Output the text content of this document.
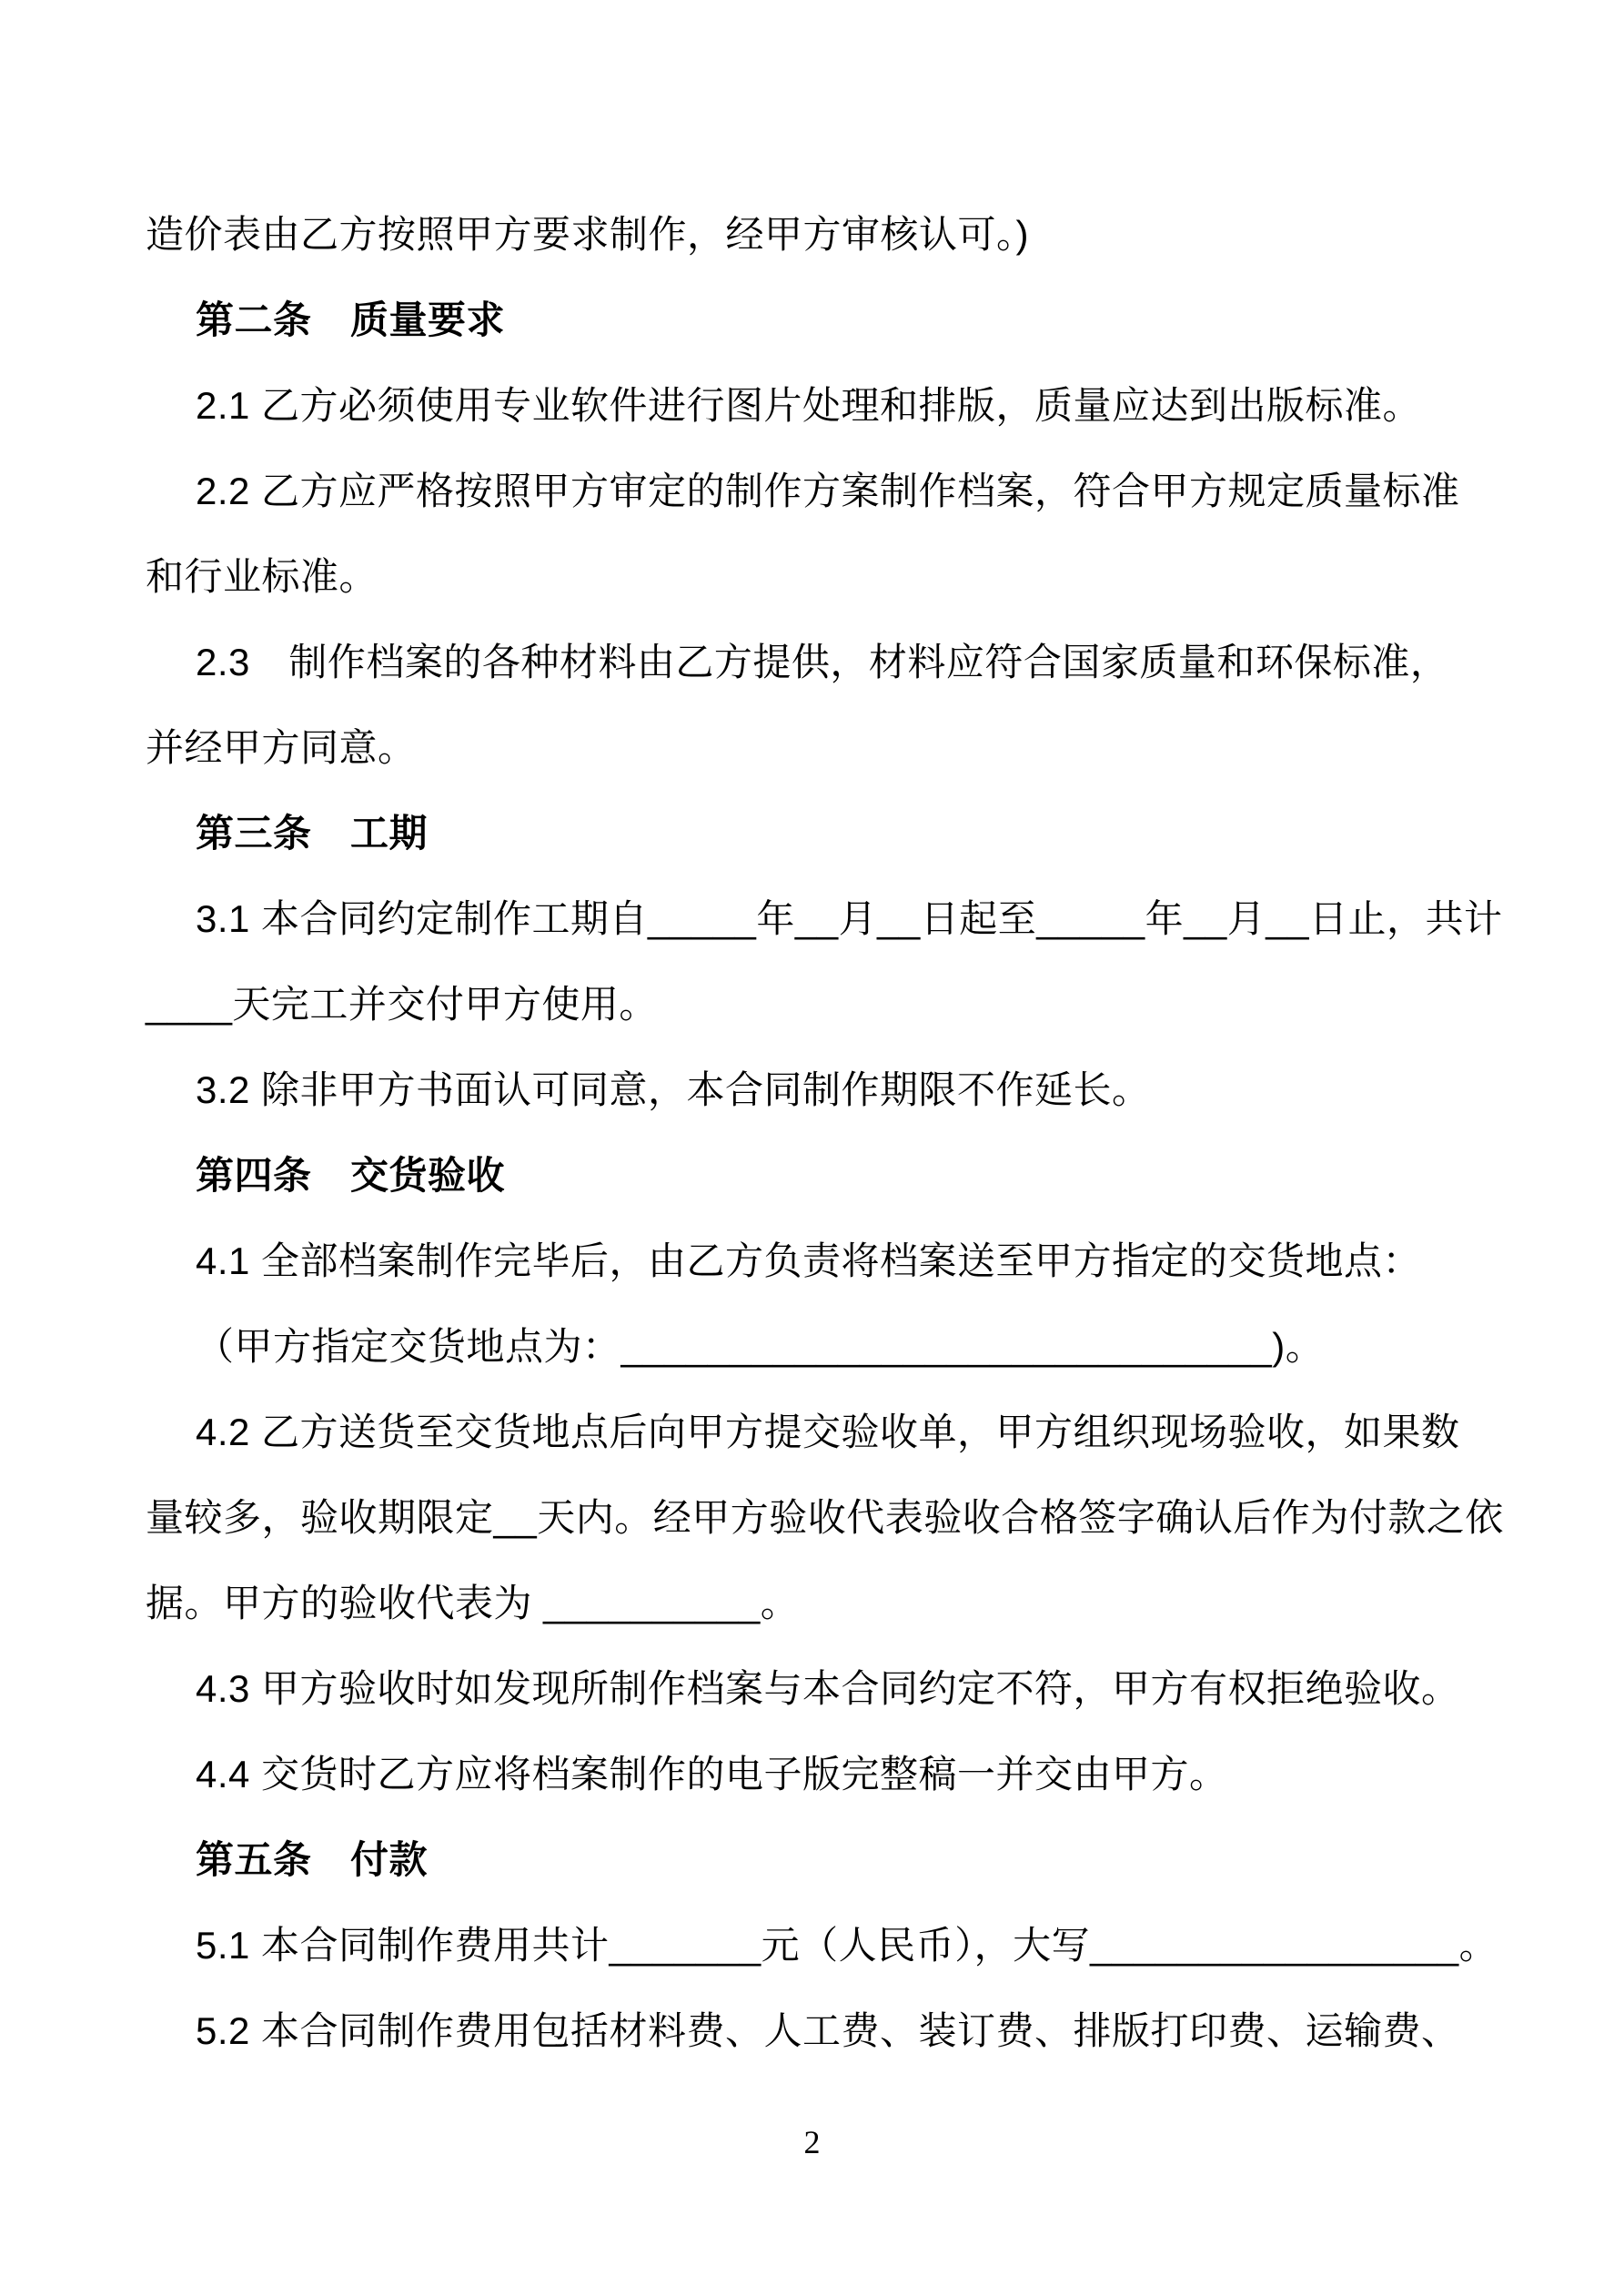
造价表由乙方按照甲方要求制作，经甲方审核认可。)
第二条　质量要求
2.1 乙方必须使用专业软件进行图片处理和排版，质量应达到出版标准。
2.2 乙方应严格按照甲方审定的制作方案制作档案，符合甲方规定质量标准
和行业标准。
2.3　制作档案的各种材料由乙方提供，材料应符合国家质量和环保标准，
并经甲方同意。
第三条　工期
3.1 本合同约定制作工期自_____年__月__日起至_____年__月__日止，共计
____天完工并交付甲方使用。
3.2 除非甲方书面认可同意，本合同制作期限不作延长。
第四条　交货验收
4.1 全部档案制作完毕后，由乙方负责将档案送至甲方指定的交货地点：
（甲方指定交货地点为：______________________________)。
4.2 乙方送货至交货地点后向甲方提交验收单，甲方组织现场验收，如果数
量较多，验收期限定__天内。经甲方验收代表验收合格签字确认后作为付款之依
据。甲方的验收代表为 __________。
4.3 甲方验收时如发现所制作档案与本合同约定不符，甲方有权拒绝验收。
4.4 交货时乙方应将档案制作的电子版完整稿一并交由甲方。
第五条　付款
5.1 本合同制作费用共计_______元（人民币），大写_________________。
5.2 本合同制作费用包括材料费、人工费、装订费、排版打印费、运输费、
2
